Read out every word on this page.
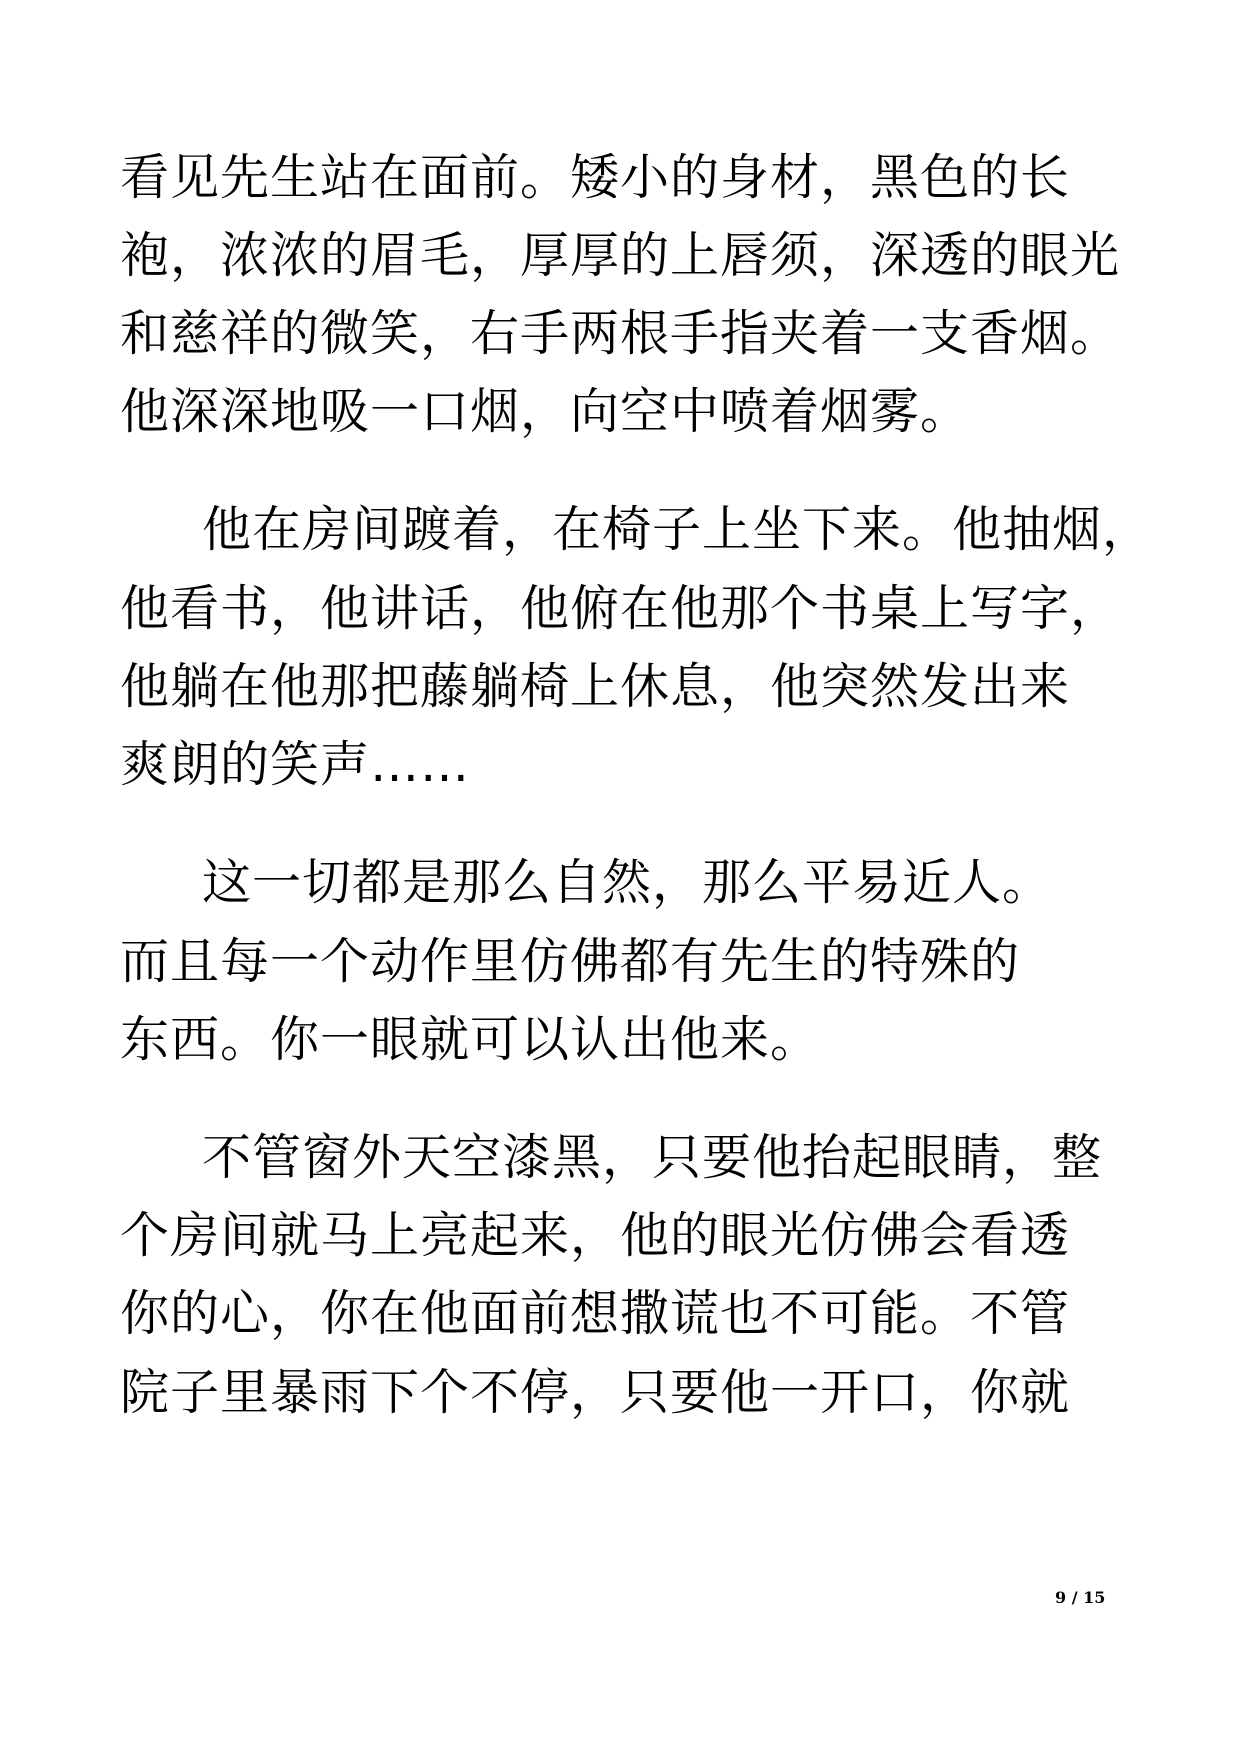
看见先生站在面前。矮小的身材，黑色的长
袍，浓浓的眉毛，厚厚的上唇须，深透的眼光
和慈祥的微笑，右手两根手指夹着一支香烟。
他深深地吸一口烟，向空中喷着烟雾。
他在房间踱着，在椅子上坐下来。他抽烟，
他看书，他讲话，他俯在他那个书桌上写字，
他躺在他那把藤躺椅上休息，他突然发出来
爽朗的笑声……
这一切都是那么自然，那么平易近人。
而且每一个动作里仿佛都有先生的特殊的
东西。你一眼就可以认出他来。
不管窗外天空漆黑，只要他抬起眼睛，整
个房间就马上亮起来，他的眼光仿佛会看透
你的心，你在他面前想撒谎也不可能。不管
院子里暴雨下个不停，只要他一开口，你就
9 / 15
